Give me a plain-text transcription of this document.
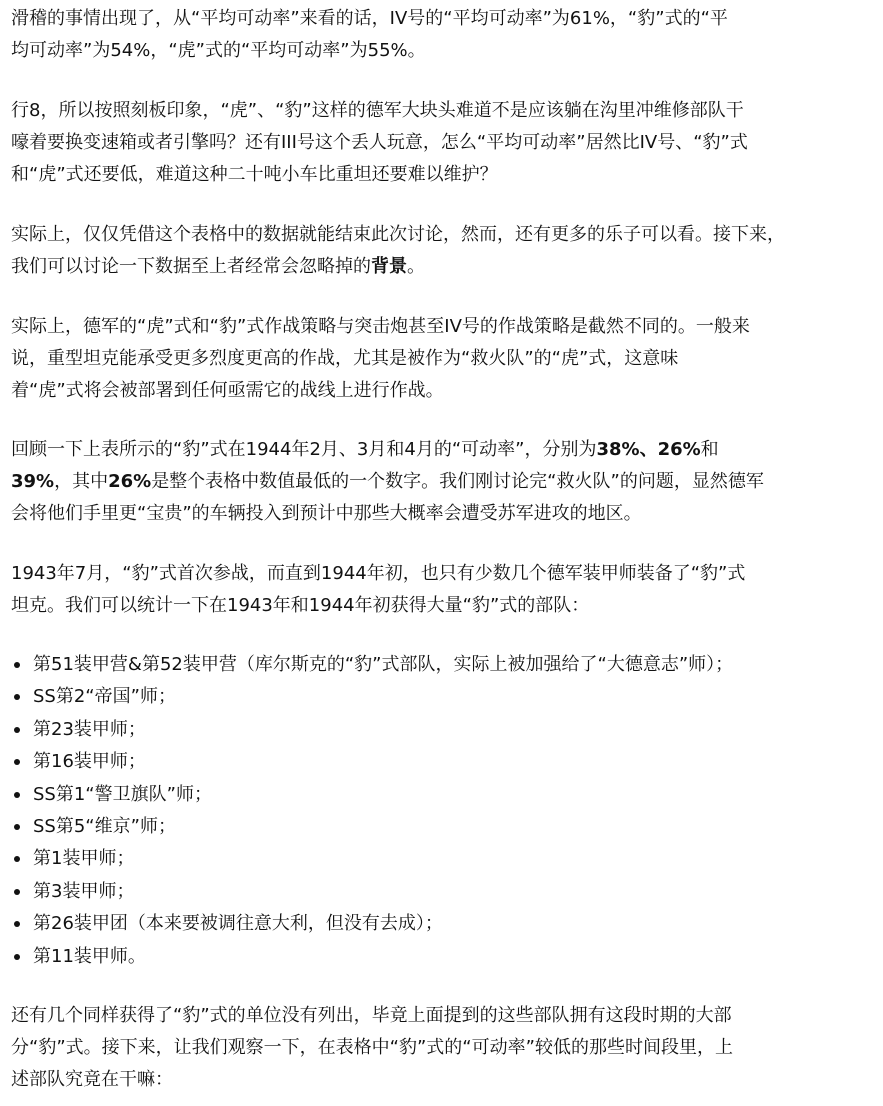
滑稽的事情出现了，从“平均可动率”来看的话，IV号的“平均可动率”为61%，“豹”式的“平
均可动率”为54%，“虎”式的“平均可动率”为55%。

行8，所以按照刻板印象，“虎”、“豹”这样的德军大块头难道不是应该躺在沟里冲维修部队干
嚎着要换变速箱或者引擎吗？还有III号这个丢人玩意，怎么“平均可动率”居然比IV号、“豹”式
和“虎”式还要低，难道这种二十吨小车比重坦还要难以维护？

实际上，仅仅凭借这个表格中的数据就能结束此次讨论，然而，还有更多的乐子可以看。接下来，
我们可以讨论一下数据至上者经常会忽略掉的背景。

实际上，德军的“虎”式和“豹”式作战策略与突击炮甚至IV号的作战策略是截然不同的。一般来
说，重型坦克能承受更多烈度更高的作战，尤其是被作为“救火队”的“虎”式，这意味
着“虎”式将会被部署到任何亟需它的战线上进行作战。

回顾一下上表所示的“豹”式在1944年2月、3月和4月的“可动率”，分别为38%、26%和
39%，其中26%是整个表格中数值最低的一个数字。我们刚讨论完“救火队”的问题，显然德军
会将他们手里更“宝贵”的车辆投入到预计中那些大概率会遭受苏军进攻的地区。

1943年7月，“豹”式首次参战，而直到1944年初，也只有少数几个德军装甲师装备了“豹”式
坦克。我们可以统计一下在1943年和1944年初获得大量“豹”式的部队：

第51装甲营&第52装甲营（库尔斯克的“豹”式部队，实际上被加强给了“大德意志”师）；
SS第2“帝国”师；
第23装甲师；
第16装甲师；
SS第1“警卫旗队”师；
SS第5“维京”师；
第1装甲师；
第3装甲师；
第26装甲团（本来要被调往意大利，但没有去成）；
第11装甲师。

还有几个同样获得了“豹”式的单位没有列出，毕竟上面提到的这些部队拥有这段时期的大部
分“豹”式。接下来，让我们观察一下，在表格中“豹”式的“可动率”较低的那些时间段里，上
述部队究竟在干嘛：
